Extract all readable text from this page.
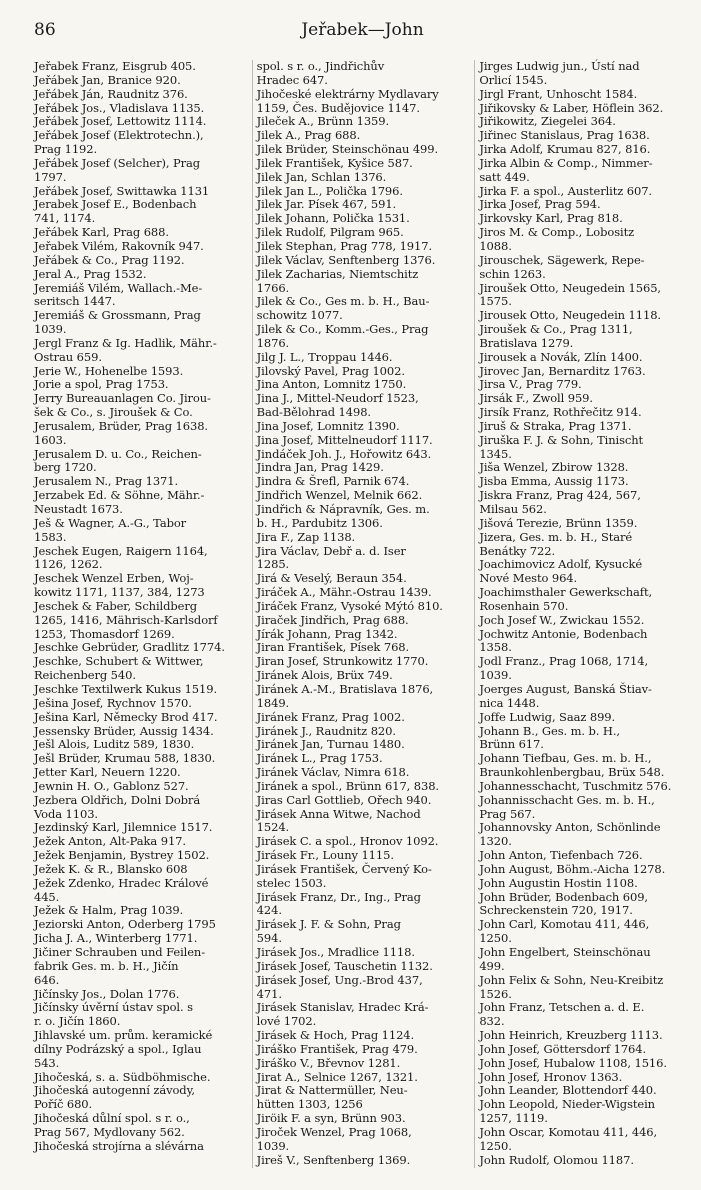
86	Jeřabek—John
Jeřabek Franz, Eisgrub 405.
Jeřábek Jan, Branice 920.
Jeřábek Ján, Raudnitz 376.
Jeřábek Jos., Vladislava 1135.
Jeřábek Josef, Lettowitz 1114.
Jeřábek Josef (Elektrotechn.),
Prag 1192.
Jeřábek Josef (Selcher), Prag
1797.
Jeřábek Josef, Swittawka 1131
Jerabek Josef E., Bodenbach
741, 1174.
Jeřábek Karl, Prag 688.
Jeřabek Vilém, Rakovník 947.
Jeřábek & Co., Prag 1192.
Jeral A., Prag 1532.
Jeremiáš Vilém, Wallach.-Me-
seritsch 1447.
Jeremiáš & Grossmann, Prag
1039.
Jergl Franz & Ig. Hadlik, Mähr.-
Ostrau 659.
Jerie W., Hohenelbe 1593.
Jorie a spol, Prag 1753.
Jerry Bureauanlagen Co. Jirou-
šek & Co., s. Jiroušek & Co.
Jerusalem, Brüder, Prag 1638.
1603.
Jerusalem D. u. Co., Reichen-
berg 1720.
Jerusalem N., Prag 1371.
Jerzabek Ed. & Söhne, Mähr.-
Neustadt 1673.
Ješ & Wagner, A.-G., Tabor
1583.
Jeschek Eugen, Raigern 1164,
1126, 1262.
Jeschek Wenzel Erben, Woj-
kowitz 1171, 1137, 384, 1273
Jeschek & Faber, Schildberg
1265, 1416, Mährisch-Karlsdorf
1253, Thomasdorf 1269.
Jeschke Gebrüder, Gradlitz 1774.
Jeschke, Schubert & Wittwer,
Reichenberg 540.
Jeschke Textilwerk Kukus 1519.
Ješina Josef, Rychnov 1570.
Ješina Karl, Německy Brod 417.
Jessensky Brüder, Aussig 1434.
Ješl Alois, Luditz 589, 1830.
Ješl Brüder, Krumau 588, 1830.
Jetter Karl, Neuern 1220.
Jewnin H. O., Gablonz 527.
Jezbera Oldřich, Dolni Dobrá
Voda 1103.
Jezdinský Karl, Jilemnice 1517.
Ježek Anton, Alt-Paka 917.
Ježek Benjamin, Bystrey 1502.
Ježek K. & R., Blansko 608
Ježek Zdenko, Hradec Králové
445.
Ježek & Halm, Prag 1039.
Jeziorski Anton, Oderberg 1795
Jicha J. A., Winterberg 1771.
Jičiner Schrauben und Feilen-
fabrik Ges. m. b. H., Jičín
646.
Jičínsky Jos., Dolan 1776.
Jičínsky úvěrní ústav spol. s
r. o. Jičín 1860.
Jihlavské um. prům. keramické
dílny Podrázský a spol., Iglau
543.
Jihočeská, s. a. Südböhmische.
Jihočeská autogenní závody,
Poříč 680.
Jihočeská důlní spol. s r. o.,
Prag 567, Mydlovany 562.
Jihočeská strojírna a slévárna
spol. s r. o., Jindřichův
Hradec 647.
Jihočeské elektrárny Mydlavary
1159, Čes. Budějovice 1147.
Jileček A., Brünn 1359.
Jilek A., Prag 688.
Jilek Brüder, Steinschönau 499.
Jilek František, Kyšice 587.
Jilek Jan, Schlan 1376.
Jilek Jan L., Polička 1796.
Jilek Jar. Písek 467, 591.
Jilek Johann, Polička 1531.
Jilek Rudolf, Pilgram 965.
Jilek Stephan, Prag 778, 1917.
Jilek Václav, Senftenberg 1376.
Jilek Zacharias, Niemtschitz
1766.
Jilek & Co., Ges m. b. H., Bau-
schowitz 1077.
Jilek & Co., Komm.-Ges., Prag
1876.
Jilg J. L., Troppau 1446.
Jilovský Pavel, Prag 1002.
Jina Anton, Lomnitz 1750.
Jina J., Mittel-Neudorf 1523,
Bad-Bělohrad 1498.
Jina Josef, Lomnitz 1390.
Jina Josef, Mittelneudorf 1117.
Jindáček Joh. J., Hořowitz 643.
Jindra Jan, Prag 1429.
Jindra & Šrefl, Parnik 674.
Jindřich Wenzel, Melnik 662.
Jindřich & Nápravník, Ges. m.
b. H., Pardubitz 1306.
Jira F., Zap 1138.
Jira Václav, Debř a. d. Iser
1285.
Jirá & Veselý, Beraun 354.
Jiráček A., Mähr.-Ostrau 1439.
Jiráček Franz, Vysoké Mýtó 810.
Jiraček Jindřich, Prag 688.
Jírák Johann, Prag 1342.
Jiran František, Písek 768.
Jiran Josef, Strunkowitz 1770.
Jiránek Alois, Brüx 749.
Jiránek A.-M., Bratislava 1876,
1849.
Jiránek Franz, Prag 1002.
Jiránek J., Raudnitz 820.
Jiránek Jan, Turnau 1480.
Jiránek L., Prag 1753.
Jiránek Václav, Nimra 618.
Jiránek a spol., Brünn 617, 838.
Jiras Carl Gottlieb, Ořech 940.
Jirásek Anna Witwe, Nachod
1524.
Jirásek C. a spol., Hronov 1092.
Jirásek Fr., Louny 1115.
Jirásek František, Červený Ko-
stelec 1503.
Jirásek Franz, Dr., Ing., Prag
424.
Jirásek J. F. & Sohn, Prag
594.
Jirásek Jos., Mradlice 1118.
Jirásek Josef, Tauschetin 1132.
Jirásek Josef, Ung.-Brod 437,
471.
Jirásek Stanislav, Hradec Krá-
lové 1702.
Jirásek & Hoch, Prag 1124.
Jiráško František, Prag 479.
Jiráško V., Břevnov 1281.
Jirat A., Selnice 1267, 1321.
Jirat & Nattermüller, Neu-
hütten 1303, 1256
Jiröik F. a syn, Brünn 903.
Jiroček Wenzel, Prag 1068,
1039.
Jireš V., Senftenberg 1369.
Jirges Ludwig jun., Ústí nad
Orlicí 1545.
Jirgl Frant, Unhoscht 1584.
Jiřikovsky & Laber, Höflein 362.
Jiřikowitz, Ziegelei 364.
Jiřinec Stanislaus, Prag 1638.
Jirka Adolf, Krumau 827, 816.
Jirka Albin & Comp., Nimmer-
satt 449.
Jirka F. a spol., Austerlitz 607.
Jirka Josef, Prag 594.
Jirkovsky Karl, Prag 818.
Jiros M. & Comp., Lobositz
1088.
Jirouschek, Sägewerk, Repe-
schin 1263.
Jiroušek Otto, Neugedein 1565,
1575.
Jirousek Otto, Neugedein 1118.
Jiroušek & Co., Prag 1311,
Bratislava 1279.
Jirousek a Novák, Zlín 1400.
Jirovec Jan, Bernarditz 1763.
Jirsa V., Prag 779.
Jirsák F., Zwoll 959.
Jirsík Franz, Rothřečitz 914.
Jiruš & Straka, Prag 1371.
Jiruška F. J. & Sohn, Tinischt
1345.
Jiša Wenzel, Zbirow 1328.
Jisba Emma, Aussig 1173.
Jiskra Franz, Prag 424, 567,
Milsau 562.
Jišová Terezie, Brünn 1359.
Jizera, Ges. m. b. H., Staré
Benátky 722.
Joachimovicz Adolf, Kysucké
Nové Mesto 964.
Joachimsthaler Gewerkschaft,
Rosenhain 570.
Joch Josef W., Zwickau 1552.
Jochwitz Antonie, Bodenbach
1358.
Jodl Franz., Prag 1068, 1714,
1039.
Joerges August, Banská Štiav-
nica 1448.
Joffe Ludwig, Saaz 899.
Johann B., Ges. m. b. H.,
Brünn 617.
Johann Tiefbau, Ges. m. b. H.,
Braunkohlenbergbau, Brüx 548.
Johannesschacht, Tuschmitz 576.
Johannisschacht Ges. m. b. H.,
Prag 567.
Johannovsky Anton, Schönlinde
1320.
John Anton, Tiefenbach 726.
John August, Böhm.-Aicha 1278.
John Augustin Hostin 1108.
John Brüder, Bodenbach 609,
Schreckenstein 720, 1917.
John Carl, Komotau 411, 446,
1250.
John Engelbert, Steinschönau
499.
John Felix & Sohn, Neu-Kreibitz
1526.
John Franz, Tetschen a. d. E.
832.
John Heinrich, Kreuzberg 1113.
John Josef, Göttersdorf 1764.
John Josef, Hubalow 1108, 1516.
John Josef, Hronov 1363.
John Leander, Blottendorf 440.
John Leopold, Nieder-Wigstein
1257, 1119.
John Oscar, Komotau 411, 446,
1250.
John Rudolf, Olomou 1187.
